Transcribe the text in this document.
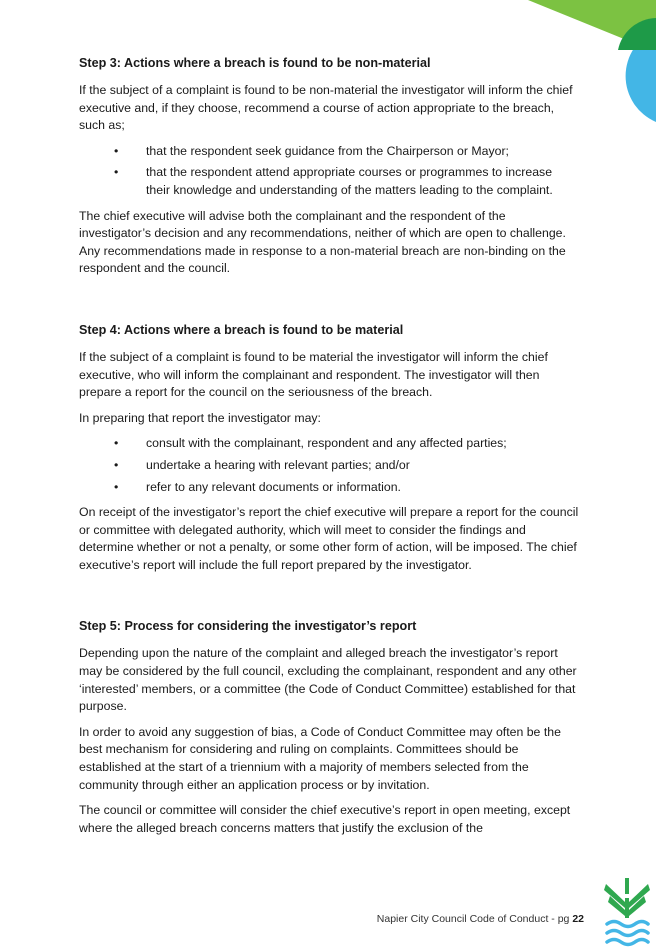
Step 3: Actions where a breach is found to be non-material

If the subject of a complaint is found to be non-material the investigator will inform the chief executive and, if they choose, recommend a course of action appropriate to the breach, such as;

• that the respondent seek guidance from the Chairperson or Mayor;
• that the respondent attend appropriate courses or programmes to increase their knowledge and understanding of the matters leading to the complaint.

The chief executive will advise both the complainant and the respondent of the investigator’s decision and any recommendations, neither of which are open to challenge. Any recommendations made in response to a non-material breach are non-binding on the respondent and the council.

Step 4: Actions where a breach is found to be material

If the subject of a complaint is found to be material the investigator will inform the chief executive, who will inform the complainant and respondent. The investigator will then prepare a report for the council on the seriousness of the breach.

In preparing that report the investigator may:

• consult with the complainant, respondent and any affected parties;
• undertake a hearing with relevant parties; and/or
• refer to any relevant documents or information.

On receipt of the investigator’s report the chief executive will prepare a report for the council or committee with delegated authority, which will meet to consider the findings and determine whether or not a penalty, or some other form of action, will be imposed. The chief executive’s report will include the full report prepared by the investigator.

Step 5: Process for considering the investigator’s report

Depending upon the nature of the complaint and alleged breach the investigator’s report may be considered by the full council, excluding the complainant, respondent and any other ‘interested’ members, or a committee (the Code of Conduct Committee) established for that purpose.

In order to avoid any suggestion of bias, a Code of Conduct Committee may often be the best mechanism for considering and ruling on complaints. Committees should be established at the start of a triennium with a majority of members selected from the community through either an application process or by invitation.

The council or committee will consider the chief executive’s report in open meeting, except where the alleged breach concerns matters that justify the exclusion of the

Napier City Council Code of Conduct - pg 22
